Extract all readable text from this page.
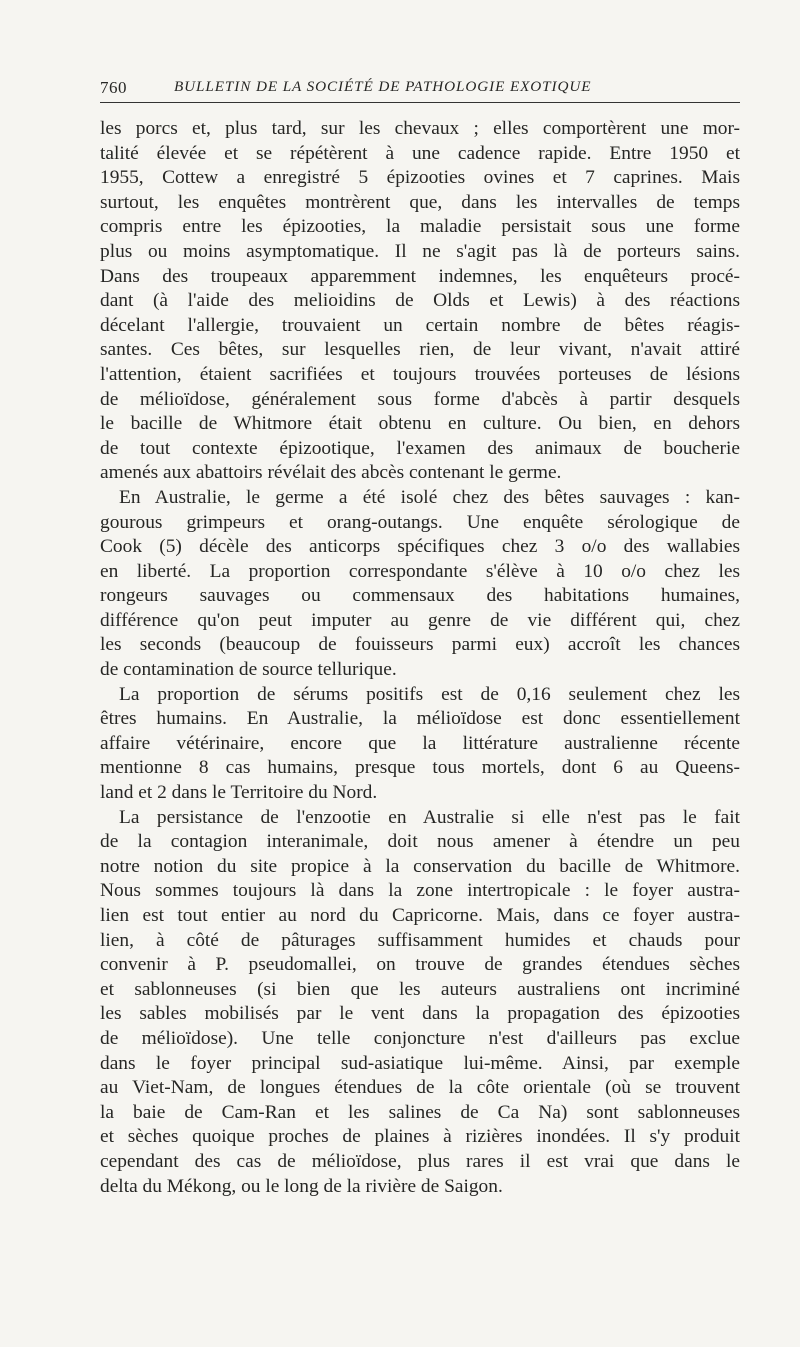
760	BULLETIN DE LA SOCIÉTÉ DE PATHOLOGIE EXOTIQUE
les porcs et, plus tard, sur les chevaux ; elles comportèrent une mor-
talité élevée et se répétèrent à une cadence rapide. Entre 1950 et
1955, Cottew a enregistré 5 épizooties ovines et 7 caprines. Mais
surtout, les enquêtes montrèrent que, dans les intervalles de temps
compris entre les épizooties, la maladie persistait sous une forme
plus ou moins asymptomatique. Il ne s'agit pas là de porteurs sains.
Dans des troupeaux apparemment indemnes, les enquêteurs procé-
dant (à l'aide des melioidins de Olds et Lewis) à des réactions
décelant l'allergie, trouvaient un certain nombre de bêtes réagis-
santes. Ces bêtes, sur lesquelles rien, de leur vivant, n'avait attiré
l'attention, étaient sacrifiées et toujours trouvées porteuses de lésions
de mélioïdose, généralement sous forme d'abcès à partir desquels
le bacille de Whitmore était obtenu en culture. Ou bien, en dehors
de tout contexte épizootique, l'examen des animaux de boucherie
amenés aux abattoirs révélait des abcès contenant le germe.
En Australie, le germe a été isolé chez des bêtes sauvages : kan-
gourous grimpeurs et orang-outangs. Une enquête sérologique de
Cook (5) décèle des anticorps spécifiques chez 3 o/o des wallabies
en liberté. La proportion correspondante s'élève à 10 o/o chez les
rongeurs sauvages ou commensaux des habitations humaines,
différence qu'on peut imputer au genre de vie différent qui, chez
les seconds (beaucoup de fouisseurs parmi eux) accroît les chances
de contamination de source tellurique.
La proportion de sérums positifs est de 0,16 seulement chez les
êtres humains. En Australie, la mélioïdose est donc essentiellement
affaire vétérinaire, encore que la littérature australienne récente
mentionne 8 cas humains, presque tous mortels, dont 6 au Queens-
land et 2 dans le Territoire du Nord.
La persistance de l'enzootie en Australie si elle n'est pas le fait
de la contagion interanimale, doit nous amener à étendre un peu
notre notion du site propice à la conservation du bacille de Whitmore.
Nous sommes toujours là dans la zone intertropicale : le foyer austra-
lien est tout entier au nord du Capricorne. Mais, dans ce foyer austra-
lien, à côté de pâturages suffisamment humides et chauds pour
convenir à P. pseudomallei, on trouve de grandes étendues sèches
et sablonneuses (si bien que les auteurs australiens ont incriminé
les sables mobilisés par le vent dans la propagation des épizooties
de mélioïdose). Une telle conjoncture n'est d'ailleurs pas exclue
dans le foyer principal sud-asiatique lui-même. Ainsi, par exemple
au Viet-Nam, de longues étendues de la côte orientale (où se trouvent
la baie de Cam-Ran et les salines de Ca Na) sont sablonneuses
et sèches quoique proches de plaines à rizières inondées. Il s'y produit
cependant des cas de mélioïdose, plus rares il est vrai que dans le
delta du Mékong, ou le long de la rivière de Saigon.
